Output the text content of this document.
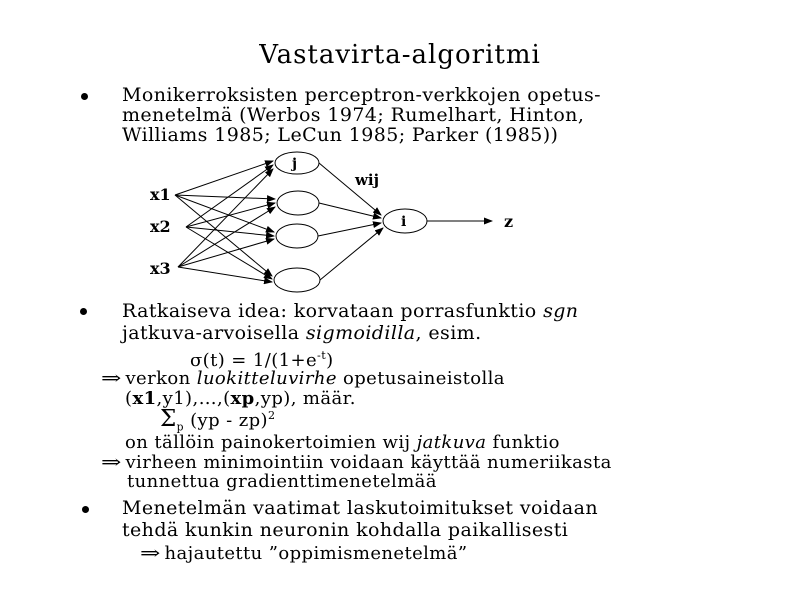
Vastavirta-algoritmi
Monikerroksisten perceptron-verkkojen opetus-
menetelmä (Werbos 1974; Rumelhart, Hinton,
Williams 1985; LeCun 1985; Parker (1985))
x1
x2
x3
j
wij
i	z
Ratkaiseva idea: korvataan porrasfunktio sgn
jatkuva-arvoisella sigmoidilla, esim.
$\sigma(t) = 1/(1+e^{-t})$
⇒ verkon luokitteluvirhe opetusaineistolla
(x1,y1),…,(xp,yp), määr.
$\Sigma_p$ (yp - zp)$^2$
on tällöin painokertoimien wij jatkuva funktio
⇒ virheen minimointiin voidaan käyttää numeriikasta
tunnettua gradienttimenetelmää
Menetelmän vaatimat laskutoimitukset voidaan
tehdä kunkin neuronin kohdalla paikallisesti
⇒ hajautettu ”oppimismenetelmä”
